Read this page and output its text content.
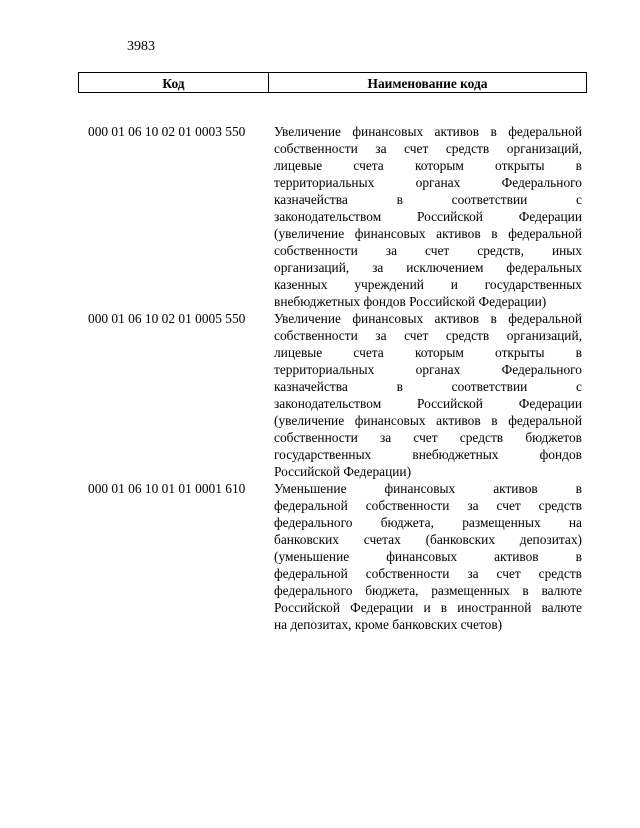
3983
Код	Наименование кода
000 01 06 10 02 01 0003 550	Увеличение финансовых активов в федеральной
собственности за счет средств организаций,
лицевые счета которым открыты в
территориальных органах Федерального
казначейства в соответствии с
законодательством Российской Федерации
(увеличение финансовых активов в федеральной
собственности за счет средств, иных
организаций, за исключением федеральных
казенных учреждений и государственных
внебюджетных фондов Российской Федерации)
000 01 06 10 02 01 0005 550	Увеличение финансовых активов в федеральной
собственности за счет средств организаций,
лицевые счета которым открыты в
территориальных органах Федерального
казначейства в соответствии с
законодательством Российской Федерации
(увеличение финансовых активов в федеральной
собственности за счет средств бюджетов
государственных внебюджетных фондов
Российской Федерации)
000 01 06 10 01 01 0001 610	Уменьшение финансовых активов в
федеральной собственности за счет средств
федерального бюджета, размещенных на
банковских счетах (банковских депозитах)
(уменьшение финансовых активов в
федеральной собственности за счет средств
федерального бюджета, размещенных в валюте
Российской Федерации и в иностранной валюте
на депозитах, кроме банковских счетов)
